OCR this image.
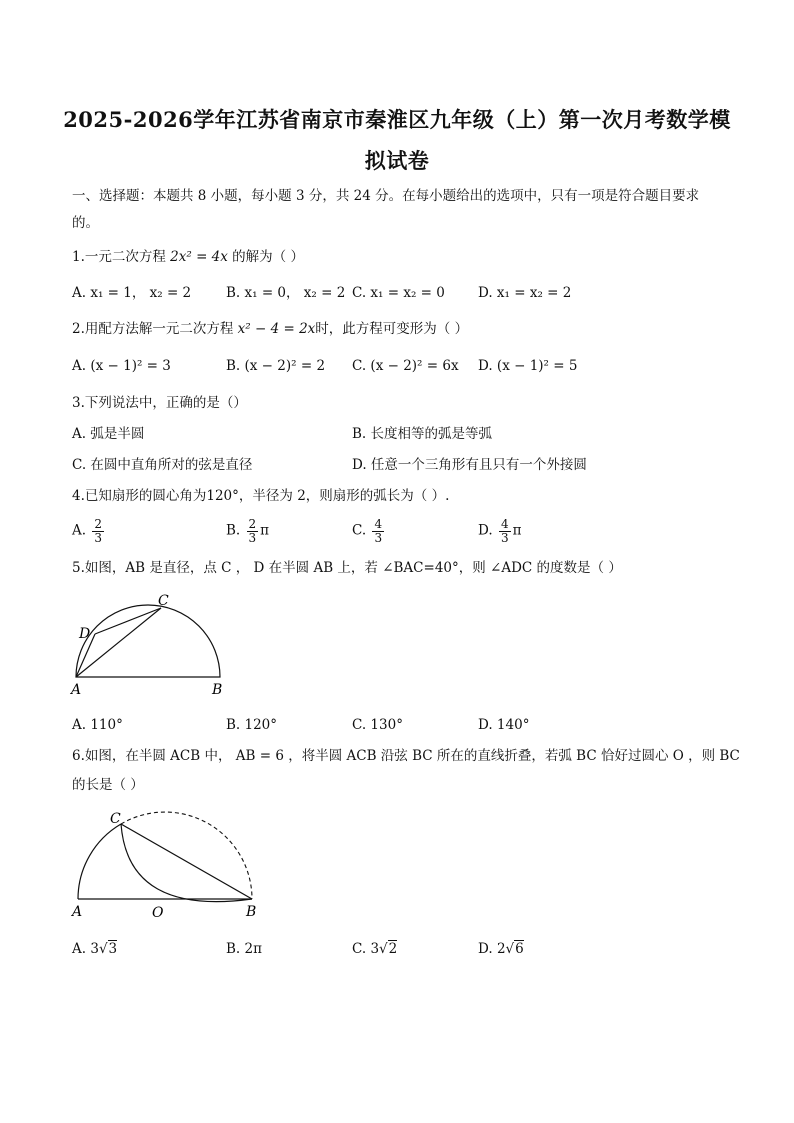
2025-2026学年江苏省南京市秦淮区九年级（上）第一次月考数学模
拟试卷
一、选择题：本题共 8 小题，每小题 3 分，共 24 分。在每小题给出的选项中，只有一项是符合题目要求
的。
1.一元二次方程 2x² = 4x 的解为（ ）
A. x₁ = 1， x₂ = 2	B. x₁ = 0， x₂ = 2 C. x₁ = x₂ = 0 D. x₁ = x₂ = 2
2.用配方法解一元二次方程 x² − 4 = 2x时，此方程可变形为（ ）
A. (x − 1)² = 3	B. (x − 2)² = 2 C. (x − 2)² = 6x D. (x − 1)² = 5
3.下列说法中，正确的是（）
A. 弧是半圆	B. 长度相等的弧是等弧
C. 在圆中直角所对的弦是直径	D. 任意一个三角形有且只有一个外接圆
4.已知扇形的圆心角为120°，半径为 2，则扇形的弧长为（ ）.
A. $\frac{2}{3}$	B. $\frac{2}{3}$ π	C. $\frac{4}{3}$	D. $\frac{4}{3}$ π
5.如图，AB 是直径，点 C ， D 在半圆 AB 上，若 ∠BAC=40°，则 ∠ADC 的度数是（ ）
A	B
C
D
A. 110°	B. 120°	C. 130°	D. 140°
6.如图，在半圆 ACB 中， AB = 6 ，将半圆 ACB 沿弦 BC 所在的直线折叠，若弧 BC 恰好过圆心 O ，则 BC
的长是（ ）
A	B
C
O
A. 3√3	B. 2π	C. 3√2	D. 2√6
